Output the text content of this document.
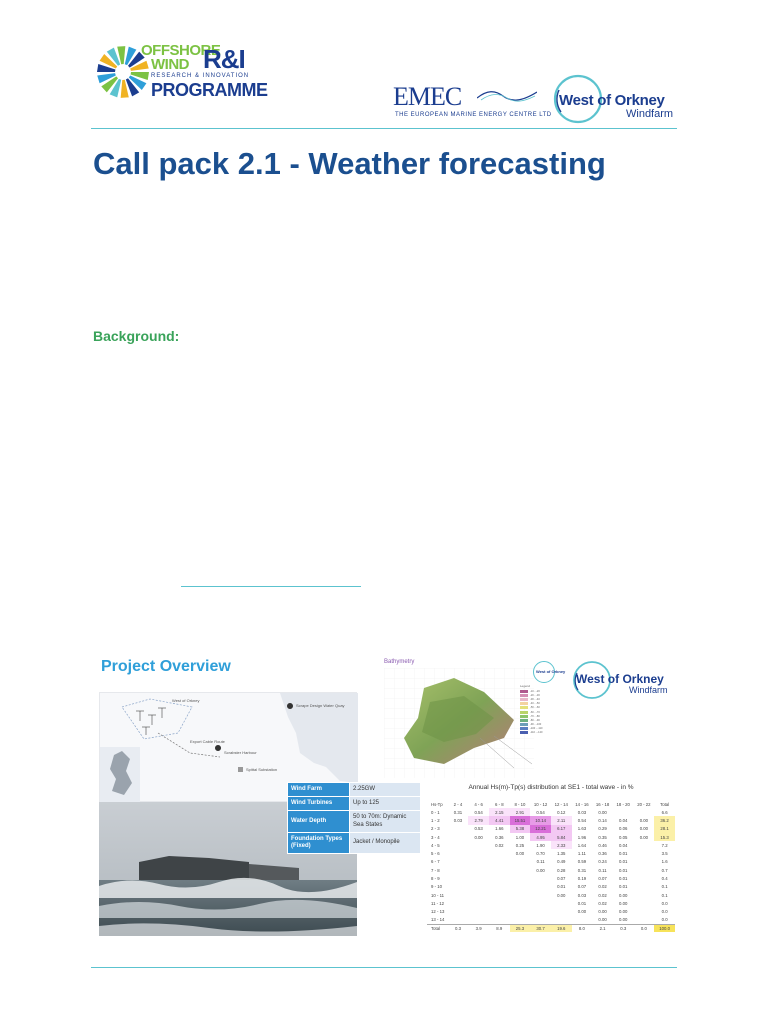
OFFSHORE
WIND R&I
RESEARCH & INNOVATION
PROGRAMME	EMEC
THE EUROPEAN MARINE ENERGY CENTRE LTD
West of Orkney
Windfarm
Call pack 2.1 - Weather forecasting
Background:
Project Overview
West of Orkney
Scrape Design Water Quay
Export Cable Route
Scrabster Harbour
Spittal Substation
Wind Farm	2.25GW
Wind Turbines	Up to 125
Water Depth	50 to 70m: Dynamic Sea States
Foundation Types (Fixed)	Jacket / Monopile
Bathymetry
Legend
-10 - -20
-20 - -30
-30 - -40
-40 - -50
-50 - -60
-60 - -70
-70 - -80
-80 - -90
-90 - -100
-100 - -110
-110 - -120
West of Orkney
West of Orkney
Windfarm
Annual Hs(m)-Tp(s) distribution at SE1 - total wave - in %
Hs-Tp	2 - 4	4 - 6	6 - 8	8 - 10	10 - 12	12 - 14	14 - 16	16 - 18	18 - 20	20 - 22	Total
0 - 1	0.31	0.54	2.15	2.91	0.54	0.12	0.03	0.00			6.6
1 - 2	0.03	2.79	4.41	15.51	10.14	2.11	0.54	0.14	0.04	0.00	36.2
2 - 3		0.53	1.66	5.38	12.21	6.17	1.63	0.29	0.06	0.00	28.1
3 - 4		0.00	0.36	1.00	4.95	5.84	1.96	0.35	0.05	0.00	15.3
4 - 5			0.02	0.25	1.90	2.33	1.64	0.46	0.04		7.2
5 - 6				0.00	0.70	1.35	1.11	0.36	0.01		3.5
6 - 7					0.11	0.49	0.59	0.24	0.01		1.6
7 - 8					0.00	0.28	0.31	0.11	0.01		0.7
8 - 9						0.07	0.19	0.07	0.01		0.4
9 - 10						0.01	0.07	0.02	0.01		0.1
10 - 11						0.00	0.03	0.02	0.00		0.1
11 - 12							0.01	0.02	0.00		0.0
12 - 13							0.00	0.00	0.00		0.0
13 - 14								0.00	0.00		0.0
Total	0.3	3.9	8.9	25.3	30.7	19.6	8.0	2.1	0.3	0.0	100.0
